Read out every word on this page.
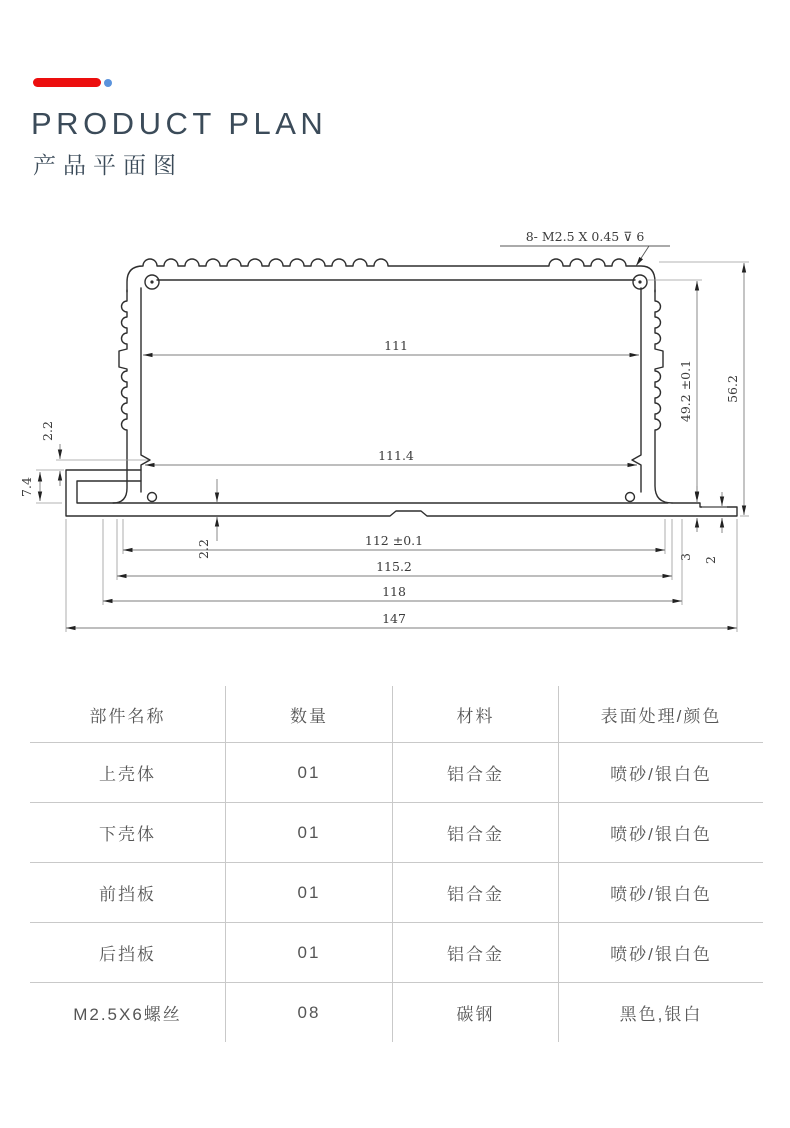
PRODUCT PLAN
产品平面图
8- M2.5 X 0.45 ⊽ 6
111
111.4
112 ±0.1
115.2
118
147
49.2 ±0.1	56.2
3 2
2.2
7.4
2.2
部件名称	数量	材料	表面处理/颜色
上壳体	01	铝合金	喷砂/银白色
下壳体	01	铝合金	喷砂/银白色
前挡板	01	铝合金	喷砂/银白色
后挡板	01	铝合金	喷砂/银白色
M2.5X6螺丝	08	碳钢	黑色,银白
